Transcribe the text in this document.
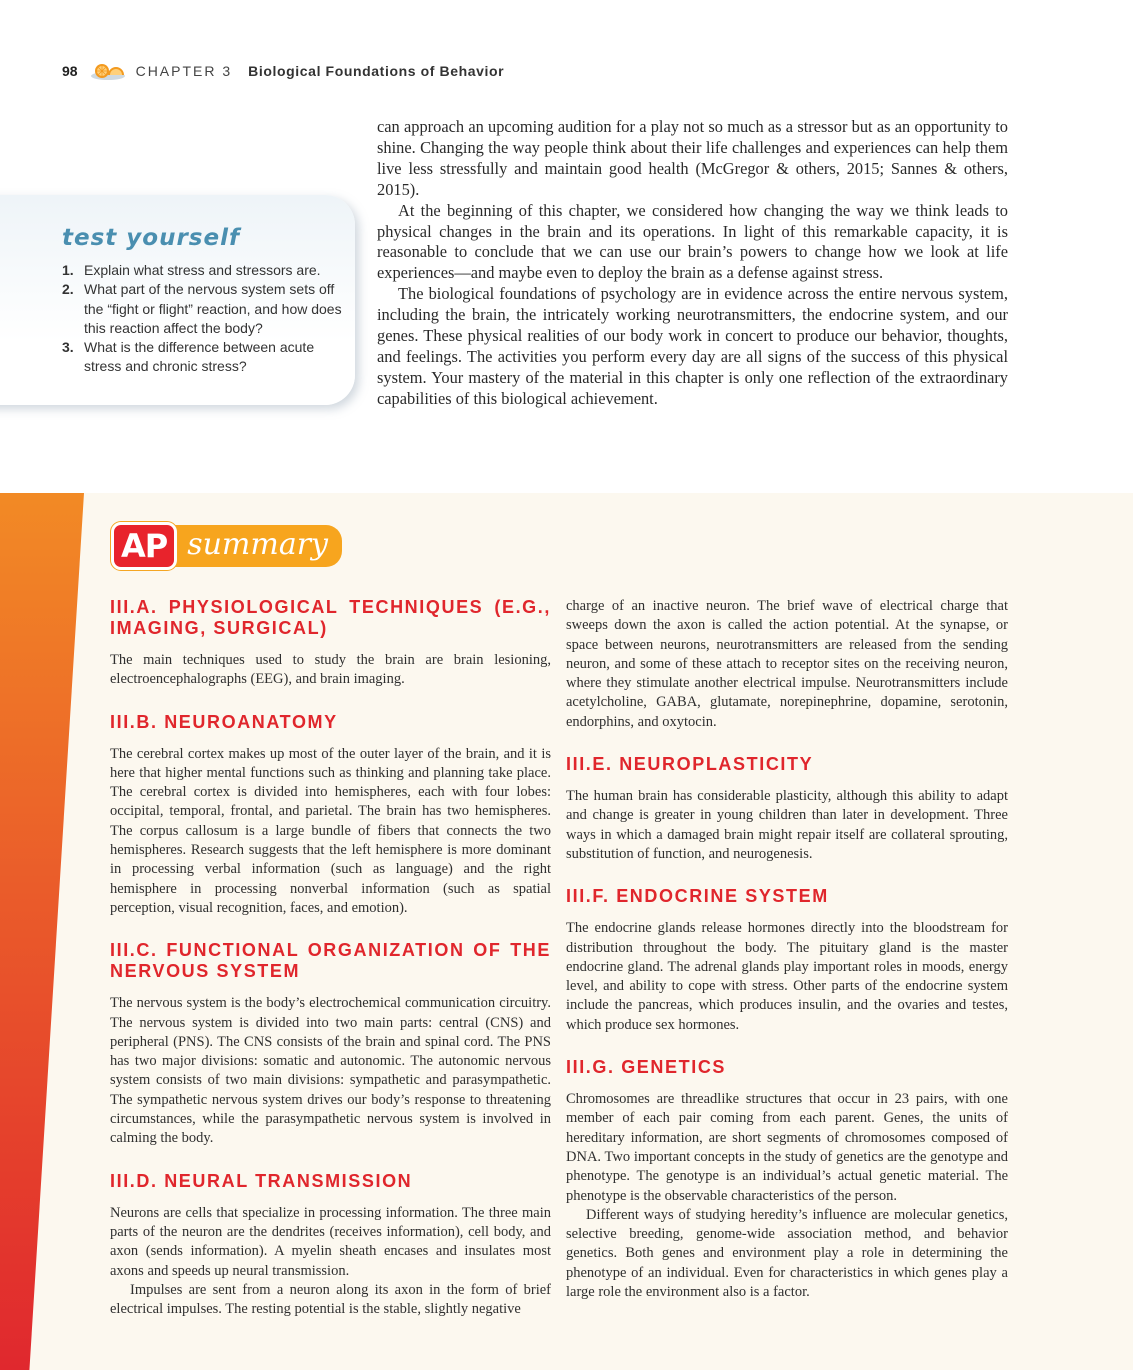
98	CHAPTER 3 Biological Foundations of Behavior
test yourself
1. Explain what stress and stressors are.
2. What part of the nervous system sets off the “fight or flight” reaction, and how does this reaction affect the body?
3. What is the difference between acute stress and chronic stress?

can approach an upcoming audition for a play not so much as a stressor but as an opportunity to shine. Changing the way people think about their life challenges and experiences can help them live less stressfully and maintain good health (McGregor & others, 2015; Sannes & others, 2015).

At the beginning of this chapter, we considered how changing the way we think leads to physical changes in the brain and its operations. In light of this remarkable capacity, it is reasonable to conclude that we can use our brain’s powers to change how we look at life experiences—and maybe even to deploy the brain as a defense against stress.

The biological foundations of psychology are in evidence across the entire nervous system, including the brain, the intricately working neurotransmitters, the endocrine system, and our genes. These physical realities of our body work in concert to produce our behavior, thoughts, and feelings. The activities you perform every day are all signs of the success of this physical system. Your mastery of the material in this chapter is only one reflection of the extraordinary capabilities of this biological achievement.

AP summary
III.A. PHYSIOLOGICAL TECHNIQUES (E.G., IMAGING, SURGICAL)

The main techniques used to study the brain are brain lesioning, electroencephalographs (EEG), and brain imaging.

III.B. NEUROANATOMY

The cerebral cortex makes up most of the outer layer of the brain, and it is here that higher mental functions such as thinking and planning take place. The cerebral cortex is divided into hemispheres, each with four lobes: occipital, temporal, frontal, and parietal. The brain has two hemispheres. The corpus callosum is a large bundle of fibers that connects the two hemispheres. Research suggests that the left hemisphere is more dominant in processing verbal information (such as language) and the right hemisphere in processing nonverbal information (such as spatial perception, visual recognition, faces, and emotion).

III.C. FUNCTIONAL ORGANIZATION OF THE NERVOUS SYSTEM

The nervous system is the body’s electrochemical communication circuitry. The nervous system is divided into two main parts: central (CNS) and peripheral (PNS). The CNS consists of the brain and spinal cord. The PNS has two major divisions: somatic and autonomic. The autonomic nervous system consists of two main divisions: sympathetic and parasympathetic. The sympathetic nervous system drives our body’s response to threatening circumstances, while the parasympathetic nervous system is involved in calming the body.

III.D. NEURAL TRANSMISSION

Neurons are cells that specialize in processing information. The three main parts of the neuron are the dendrites (receives information), cell body, and axon (sends information). A myelin sheath encases and insulates most axons and speeds up neural transmission.

Impulses are sent from a neuron along its axon in the form of brief electrical impulses. The resting potential is the stable, slightly negative

charge of an inactive neuron. The brief wave of electrical charge that sweeps down the axon is called the action potential. At the synapse, or space between neurons, neurotransmitters are released from the sending neuron, and some of these attach to receptor sites on the receiving neuron, where they stimulate another electrical impulse. Neurotransmitters include acetylcholine, GABA, glutamate, norepinephrine, dopamine, serotonin, endorphins, and oxytocin.

III.E. NEUROPLASTICITY

The human brain has considerable plasticity, although this ability to adapt and change is greater in young children than later in development. Three ways in which a damaged brain might repair itself are collateral sprouting, substitution of function, and neurogenesis.

III.F. ENDOCRINE SYSTEM

The endocrine glands release hormones directly into the bloodstream for distribution throughout the body. The pituitary gland is the master endocrine gland. The adrenal glands play important roles in moods, energy level, and ability to cope with stress. Other parts of the endocrine system include the pancreas, which produces insulin, and the ovaries and testes, which produce sex hormones.

III.G. GENETICS

Chromosomes are threadlike structures that occur in 23 pairs, with one member of each pair coming from each parent. Genes, the units of hereditary information, are short segments of chromosomes composed of DNA. Two important concepts in the study of genetics are the genotype and phenotype. The genotype is an individual’s actual genetic material. The phenotype is the observable characteristics of the person.

Different ways of studying heredity’s influence are molecular genetics, selective breeding, genome-wide association method, and behavior genetics. Both genes and environment play a role in determining the phenotype of an individual. Even for characteristics in which genes play a large role the environment also is a factor.
